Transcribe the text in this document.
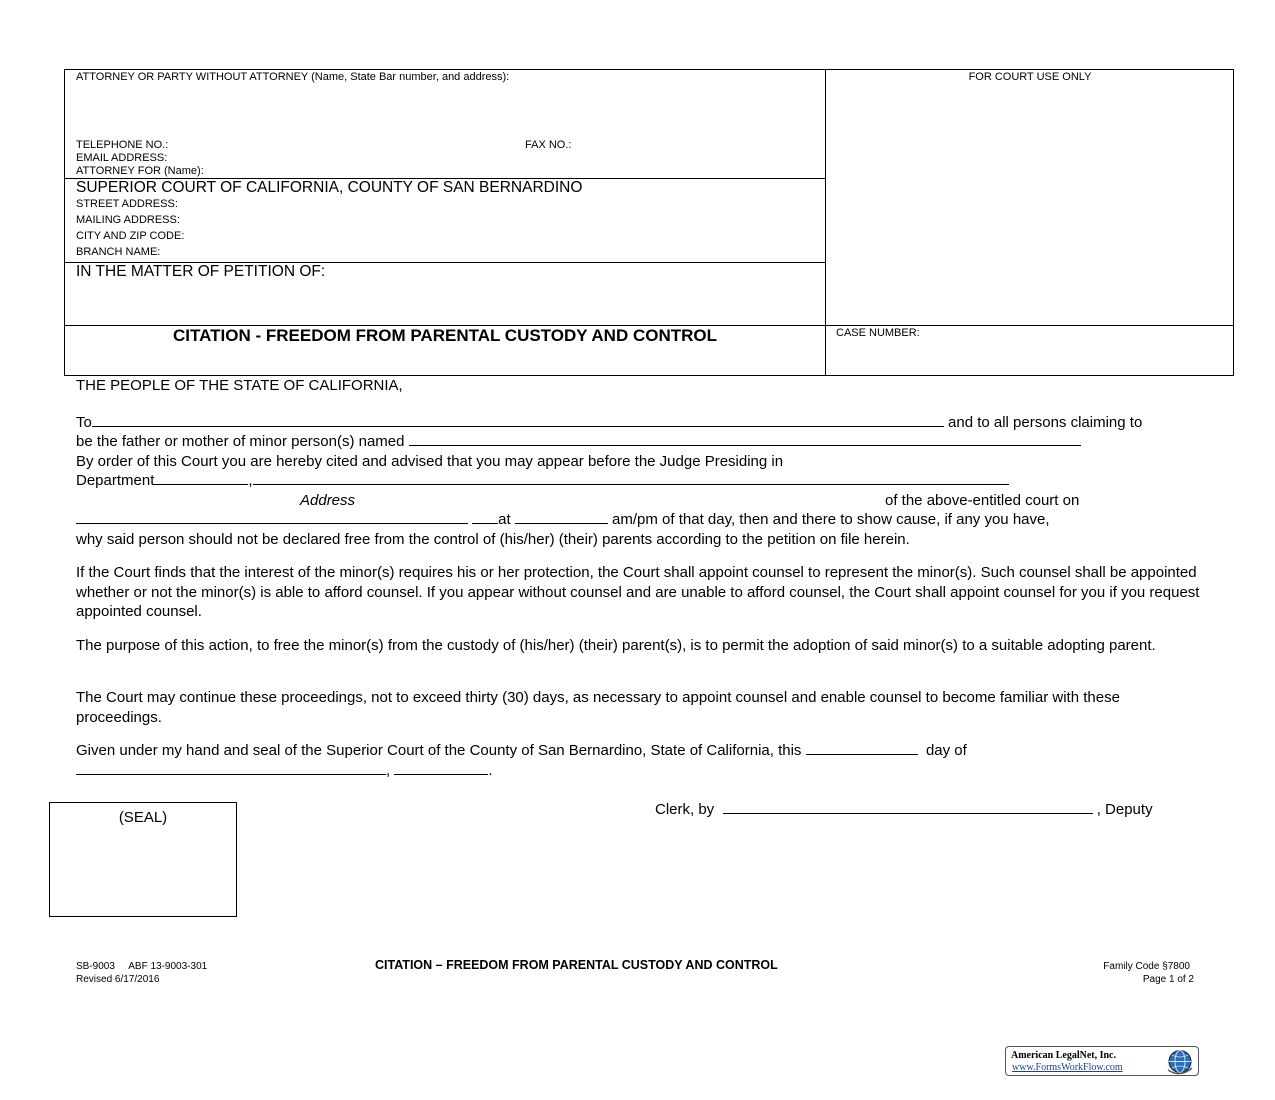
ATTORNEY OR PARTY WITHOUT ATTORNEY (Name, State Bar number, and address):	FOR COURT USE ONLY
TELEPHONE NO.:	FAX NO.:
EMAIL ADDRESS:
ATTORNEY FOR (Name):
SUPERIOR COURT OF CALIFORNIA, COUNTY OF SAN BERNARDINO
STREET ADDRESS:
MAILING ADDRESS:
CITY AND ZIP CODE:
BRANCH NAME:
IN THE MATTER OF PETITION OF:
CITATION - FREEDOM FROM PARENTAL CUSTODY AND CONTROL	CASE NUMBER:
THE PEOPLE OF THE STATE OF CALIFORNIA,
To	and to all persons claiming to
be the father or mother of minor person(s) named
By order of this Court you are hereby cited and advised that you may appear before the Judge Presiding in
Department	,
Address	of the above-entitled court on
at	am/pm of that day, then and there to show cause, if any you have,
why said person should not be declared free from the control of (his/her) (their) parents according to the petition on file herein.

If the Court finds that the interest of the minor(s) requires his or her protection, the Court shall appoint counsel to represent the minor(s). Such counsel shall be appointed whether or not the minor(s) is able to afford counsel. If you appear without counsel and are unable to afford counsel, the Court shall appoint counsel for you if you request appointed counsel.

The purpose of this action, to free the minor(s) from the custody of (his/her) (their) parent(s), is to permit the adoption of said minor(s) to a suitable adopting parent.

The Court may continue these proceedings, not to exceed thirty (30) days, as necessary to appoint counsel and enable counsel to become familiar with these proceedings.

Given under my hand and seal of the Superior Court of the County of San Bernardino, State of California, this	day of
,	.
(SEAL)	Clerk, by	, Deputy
SB-9003     ABF 13-9003-301
Revised 6/17/2016
CITATION – FREEDOM FROM PARENTAL CUSTODY AND CONTROL	Family Code §7800
Page 1 of 2
American LegalNet, Inc.
www.FormsWorkFlow.com
